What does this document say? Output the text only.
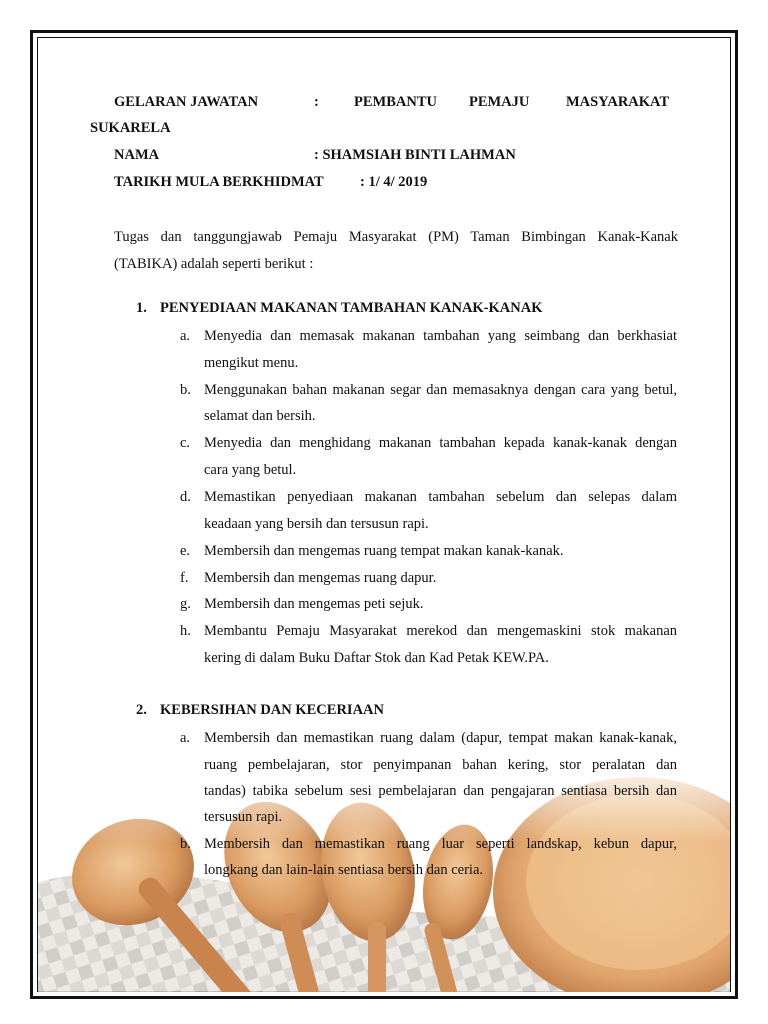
GELARAN JAWATAN	: PEMBANTU PEMAJU	MASYARAKAT
SUKARELA
NAMA	: SHAMSIAH BINTI LAHMAN
TARIKH MULA BERKHIDMAT	: 1/ 4/ 2019
Tugas dan tanggungjawab Pemaju Masyarakat (PM) Taman Bimbingan Kanak-Kanak
(TABIKA) adalah seperti berikut :
1. PENYEDIAAN MAKANAN TAMBAHAN KANAK-KANAK
a. Menyedia dan memasak makanan tambahan yang seimbang dan berkhasiat
mengikut menu.
b. Menggunakan bahan makanan segar dan memasaknya dengan cara yang betul,
selamat dan bersih.
c. Menyedia dan menghidang makanan tambahan kepada kanak-kanak dengan
cara yang betul.
d. Memastikan penyediaan makanan tambahan sebelum dan selepas dalam
keadaan yang bersih dan tersusun rapi.
e. Membersih dan mengemas ruang tempat makan kanak-kanak.
f. Membersih dan mengemas ruang dapur.
g. Membersih dan mengemas peti sejuk.
h. Membantu Pemaju Masyarakat merekod dan mengemaskini stok makanan
kering di dalam Buku Daftar Stok dan Kad Petak KEW.PA.
2. KEBERSIHAN DAN KECERIAAN
a. Membersih dan memastikan ruang dalam (dapur, tempat makan kanak-kanak,
ruang pembelajaran, stor penyimpanan bahan kering, stor peralatan dan
tandas) tabika sebelum sesi pembelajaran dan pengajaran sentiasa bersih dan
tersusun rapi.
b. Membersih dan memastikan ruang luar seperti landskap, kebun dapur,
longkang dan lain-lain sentiasa bersih dan ceria.
